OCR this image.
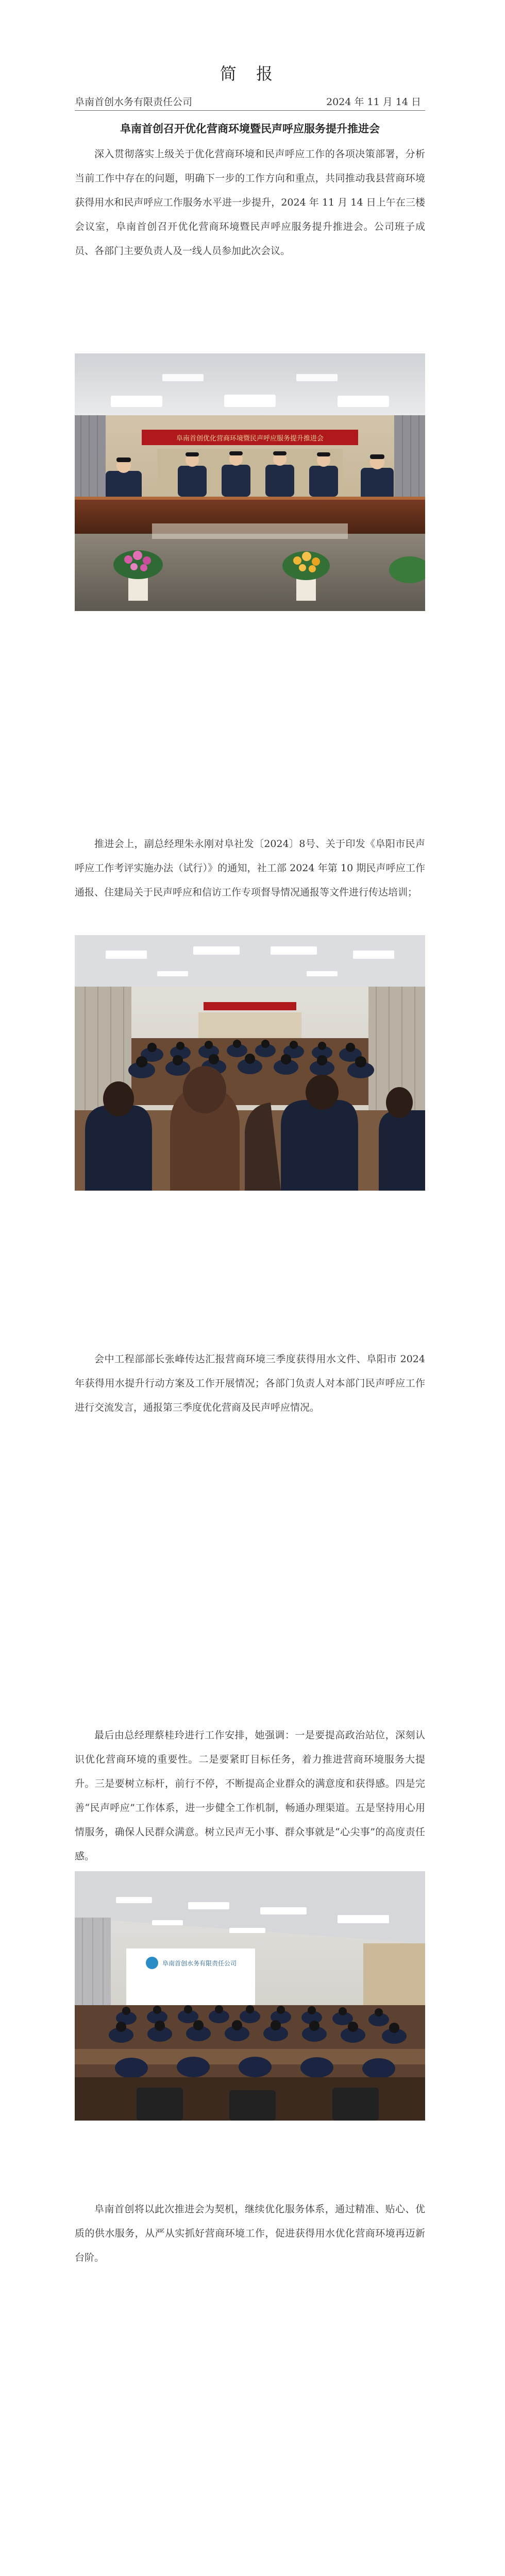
简 报
阜南首创水务有限责任公司	2024 年 11 月 14 日
阜南首创召开优化营商环境暨民声呼应服务提升推进会

深入贯彻落实上级关于优化营商环境和民声呼应工作的各项决策部署，分析当前工作中存在的问题，明确下一步的工作方向和重点，共同推动我县营商环境获得用水和民声呼应工作服务水平进一步提升，2024 年 11 月 14 日上午在三楼会议室，阜南首创召开优化营商环境暨民声呼应服务提升推进会。公司班子成员、各部门主要负责人及一线人员参加此次会议。

阜南首创优化营商环境暨民声呼应服务提升推进会

推进会上，副总经理朱永刚对阜社发〔2024〕8号、关于印发《阜阳市民声呼应工作考评实施办法（试行）》的通知，社工部 2024 年第 10 期民声呼应工作通报、住建局关于民声呼应和信访工作专项督导情况通报等文件进行传达培训；

会中工程部部长张峰传达汇报营商环境三季度获得用水文件、阜阳市 2024 年获得用水提升行动方案及工作开展情况；各部门负责人对本部门民声呼应工作进行交流发言，通报第三季度优化营商及民声呼应情况。

最后由总经理蔡桂玲进行工作安排，她强调：一是要提高政治站位，深刻认识优化营商环境的重要性。二是要紧盯目标任务，着力推进营商环境服务大提升。三是要树立标杆，前行不停，不断提高企业群众的满意度和获得感。四是完善“民声呼应”工作体系，进一步健全工作机制，畅通办理渠道。五是坚持用心用情服务，确保人民群众满意。树立民声无小事、群众事就是“心尖事”的高度责任感。

阜南首创水务有限责任公司

阜南首创将以此次推进会为契机，继续优化服务体系，通过精准、贴心、优质的供水服务，从严从实抓好营商环境工作，促进获得用水优化营商环境再迈新台阶。
